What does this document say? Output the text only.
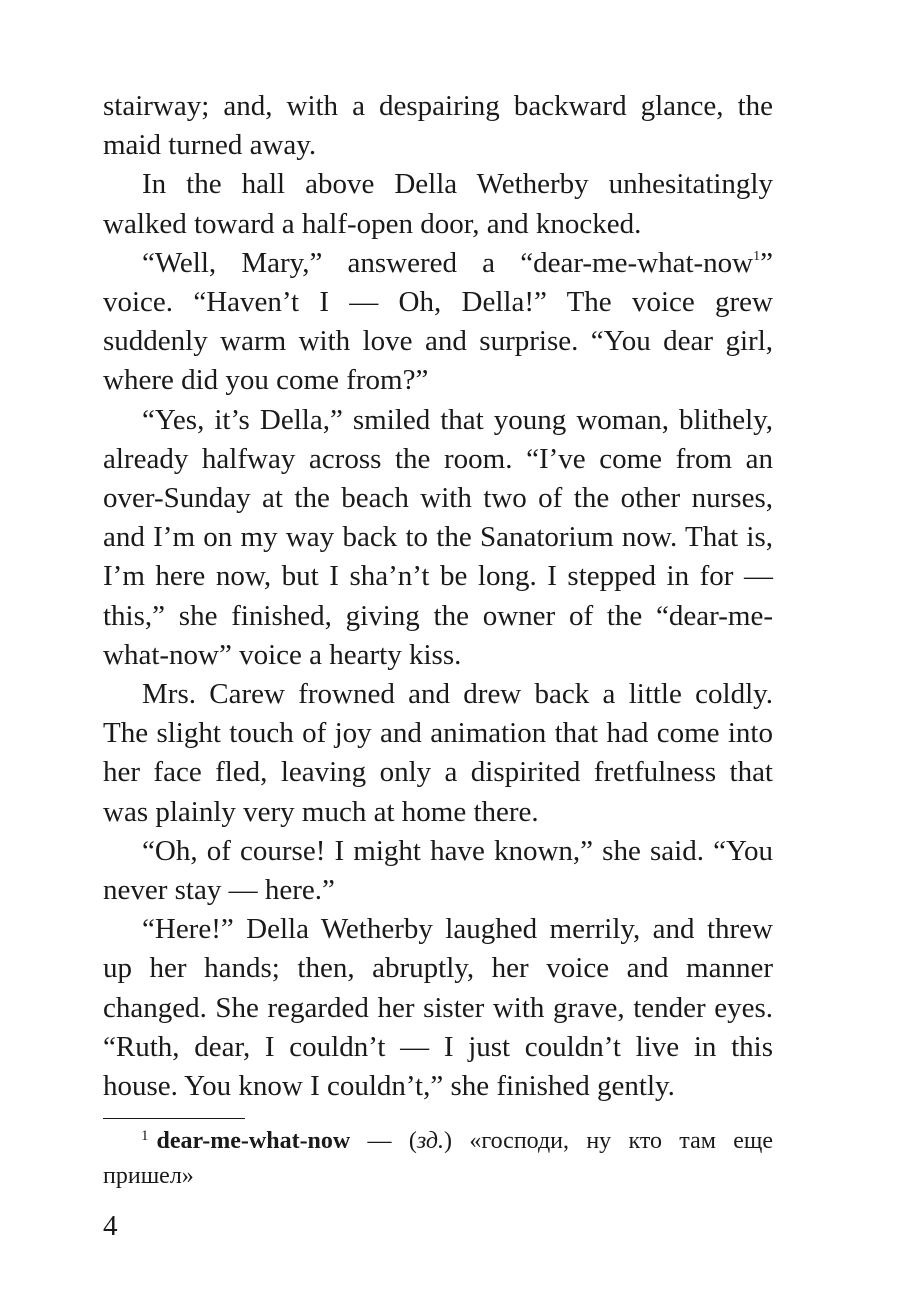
stairway; and, with a despairing backward glance, the maid turned away.

In the hall above Della Wetherby unhesitatingly walked toward a half-open door, and knocked.

“Well, Mary,” answered a “dear-me-what-now$^1$” voice. “Haven’t I — Oh, Della!” The voice grew suddenly warm with love and surprise. “You dear girl, where did you come from?”

“Yes, it’s Della,” smiled that young woman, blithely, already halfway across the room. “I’ve come from an over-Sunday at the beach with two of the other nurses, and I’m on my way back to the Sanatorium now. That is, I’m here now, but I sha’n’t be long. I stepped in for — this,” she finished, giving the owner of the “dear-me-what-now” voice a hearty kiss.

Mrs. Carew frowned and drew back a little coldly. The slight touch of joy and animation that had come into her face fled, leaving only a dispirited fretfulness that was plainly very much at home there.

“Oh, of course! I might have known,” she said. “You never stay — here.”

“Here!” Della Wetherby laughed merrily, and threw up her hands; then, abruptly, her voice and manner changed. She regarded her sister with grave, tender eyes. “Ruth, dear, I couldn’t — I just couldn’t live in this house. You know I couldn’t,” she finished gently.

$^1$ dear-me-what-now — (зд.) «господи, ну кто там еще пришел»
4
